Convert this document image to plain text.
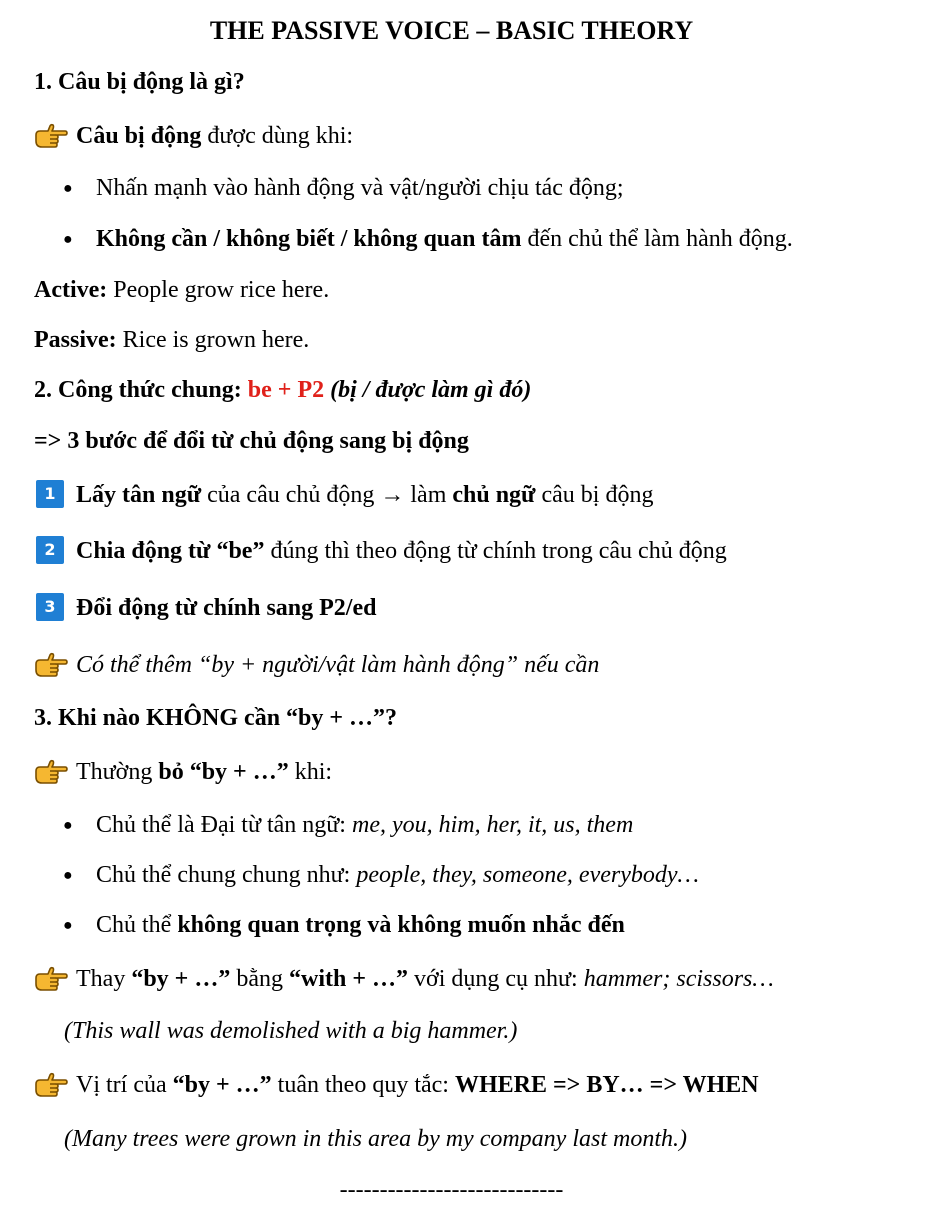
THE PASSIVE VOICE – BASIC THEORY
1. Câu bị động là gì?
Câu bị động được dùng khi:
● Nhấn mạnh vào hành động và vật/người chịu tác động;
● Không cần / không biết / không quan tâm đến chủ thể làm hành động.
Active: People grow rice here.
Passive: Rice is grown here.
2. Công thức chung: be + P2 (bị / được làm gì đó)
=> 3 bước để đổi từ chủ động sang bị động
1 Lấy tân ngữ của câu chủ động → làm chủ ngữ câu bị động
2 Chia động từ “be” đúng thì theo động từ chính trong câu chủ động
3 Đổi động từ chính sang P2/ed
Có thể thêm “by + người/vật làm hành động” nếu cần
3. Khi nào KHÔNG cần “by + …”?
Thường bỏ “by + …” khi:
● Chủ thể là Đại từ tân ngữ: me, you, him, her, it, us, them
● Chủ thể chung chung như: people, they, someone, everybody…
● Chủ thể không quan trọng và không muốn nhắc đến
Thay “by + …” bằng “with + …” với dụng cụ như: hammer; scissors…
(This wall was demolished with a big hammer.)
Vị trí của “by + …” tuân theo quy tắc: WHERE => BY… => WHEN
(Many trees were grown in this area by my company last month.)
----------------------------
